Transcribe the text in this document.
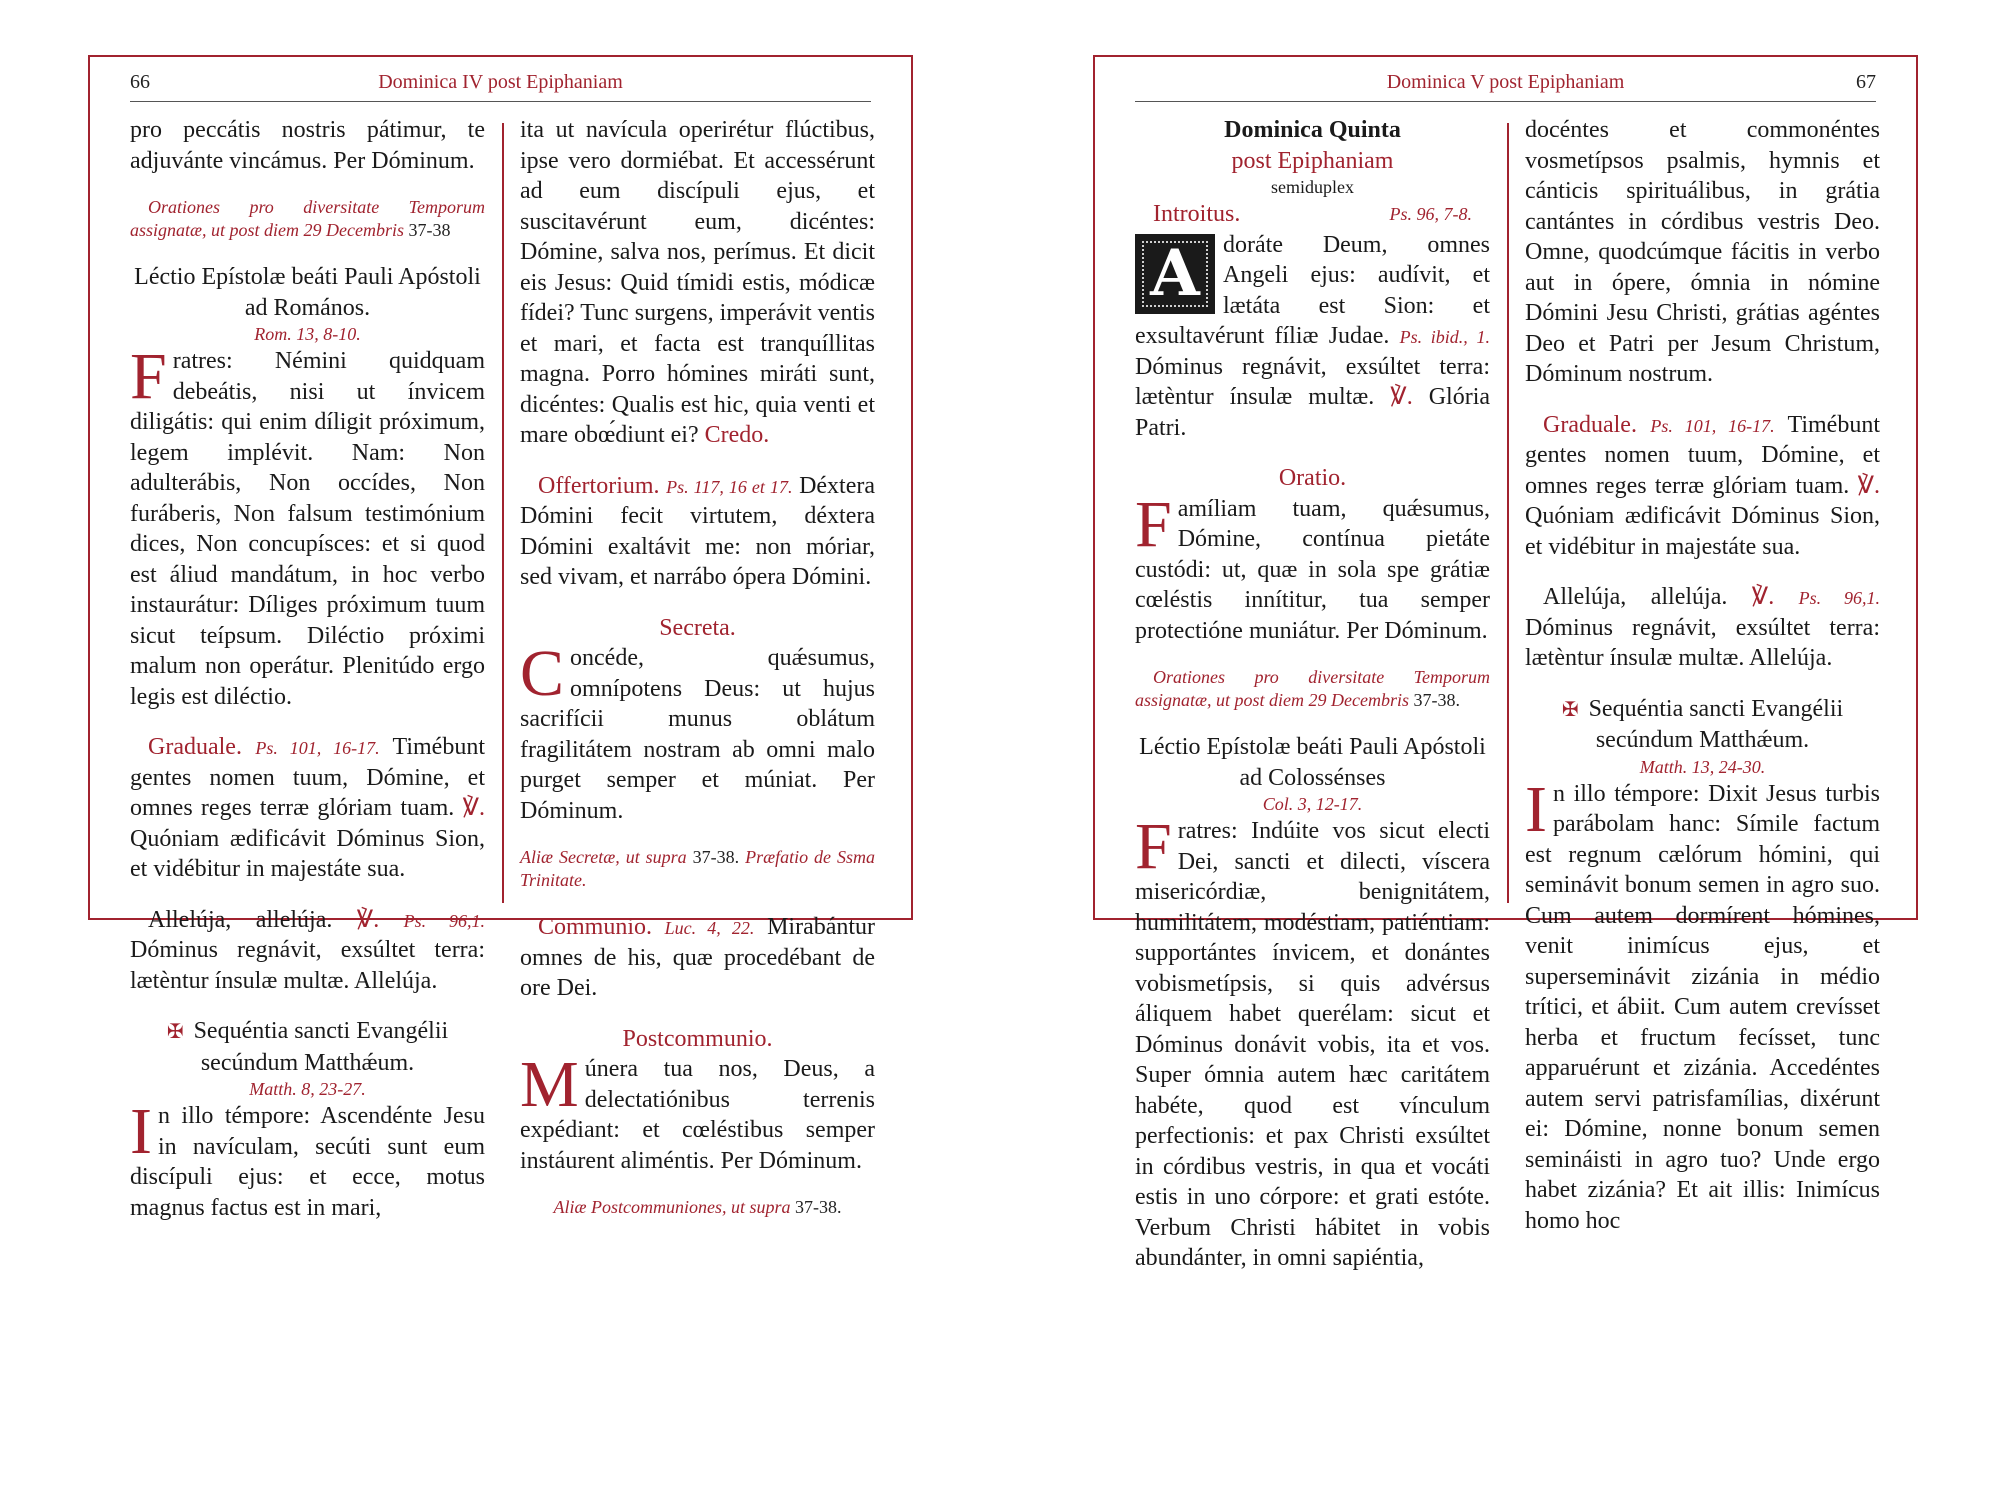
66	Dominica IV post Epiphaniam

pro peccátis nostris pátimur, te adjuvánte vincámus. Per Dóminum.

Orationes pro diversitate Temporum assignatæ, ut post diem 29 Decembris 37-38

Léctio Epístolæ beáti Pauli Apóstoli ad Romános.

Rom. 13, 8-10.

Fratres: Némini quidquam debeátis, nisi ut ínvicem diligátis: qui enim díligit próximum, legem implévit. Nam: Non adulterábis, Non occídes, Non furáberis, Non falsum testimónium dices, Non concupísces: et si quod est áliud mandátum, in hoc verbo instaurátur: Díliges próximum tuum sicut teípsum. Diléctio próximi malum non operátur. Plenitúdo ergo legis est diléctio.

Graduale. Ps. 101, 16-17. Timébunt gentes nomen tuum, Dómine, et omnes reges terræ glóriam tuam. ℣. Quóniam ædificávit Dóminus Sion, et vidébitur in majestáte sua.

Allelúja, allelúja. ℣. Ps. 96,1. Dóminus regnávit, exsúltet terra: lætèntur ínsulæ multæ. Allelúja.

✠ Sequéntia sancti Evangélii secúndum Matthǽum.

Matth. 8, 23-27.

In illo témpore: Ascendénte Jesu in navículam, secúti sunt eum discípuli ejus: et ecce, motus magnus factus est in mari,

ita ut navícula operirétur flúctibus, ipse vero dormiébat. Et accessérunt ad eum discípuli ejus, et suscitavérunt eum, dicéntes: Dómine, salva nos, perímus. Et dicit eis Jesus: Quid tímidi estis, módicæ fídei? Tunc surgens, imperávit ventis et mari, et facta est tranquíllitas magna. Porro hómines miráti sunt, dicéntes: Qualis est hic, quia venti et mare obœ́diunt ei? Credo.

Offertorium. Ps. 117, 16 et 17. Déxtera Dómini fecit virtutem, déxtera Dómini exaltávit me: non móriar, sed vivam, et narrábo ópera Dómini.

Secreta.

Concéde, quǽsumus, omnípotens Deus: ut hujus sacrifícii munus oblátum fragilitátem nostram ab omni malo purget semper et múniat. Per Dóminum.

Aliæ Secretæ, ut supra 37-38. Præfatio de Ssma Trinitate.

Communio. Luc. 4, 22. Mirabántur omnes de his, quæ procedébant de ore Dei.

Postcommunio.

Múnera tua nos, Deus, a delectatiónibus terrenis expédiant: et cœléstibus semper instáurent aliméntis. Per Dóminum.

Aliæ Postcommuniones, ut supra 37-38.

Dominica V post Epiphaniam	67

Dominica Quinta

post Epiphaniam

semiduplex

Introitus.	Ps. 96, 7-8.

A doráte Deum, omnes Angeli ejus: audívit, et lætáta est Sion: et exsultavérunt fíliæ Judae. Ps. ibid., 1. Dóminus regnávit, exsúltet terra: lætèntur ínsulæ multæ. ℣. Glória Patri.

Oratio.

Famíliam tuam, quǽsumus, Dómine, contínua pietáte custódi: ut, quæ in sola spe grátiæ cœléstis innítitur, tua semper protectióne muniátur. Per Dóminum.

Orationes pro diversitate Temporum assignatæ, ut post diem 29 Decembris 37-38.

Léctio Epístolæ beáti Pauli Apóstoli ad Colossénses

Col. 3, 12-17.

Fratres: Indúite vos sicut electi Dei, sancti et dilecti, víscera misericórdiæ, benignitátem, humilitátem, modéstiam, patiéntiam: supportántes ínvicem, et donántes vobismetípsis, si quis advérsus áliquem habet querélam: sicut et Dóminus donávit vobis, ita et vos. Super ómnia autem hæc caritátem habéte, quod est vínculum perfectionis: et pax Christi exsúltet in córdibus vestris, in qua et vocáti estis in uno córpore: et grati estóte. Verbum Christi hábitet in vobis abundánter, in omni sapiéntia,

docéntes et commonéntes vosmetípsos psalmis, hymnis et cánticis spirituálibus, in grátia cantántes in córdibus vestris Deo. Omne, quodcúmque fácitis in verbo aut in ópere, ómnia in nómine Dómini Jesu Christi, grátias agéntes Deo et Patri per Jesum Christum, Dóminum nostrum.

Graduale. Ps. 101, 16-17. Timébunt gentes nomen tuum, Dómine, et omnes reges terræ glóriam tuam. ℣. Quóniam ædificávit Dóminus Sion, et vidébitur in majestáte sua.

Allelúja, allelúja. ℣. Ps. 96,1. Dóminus regnávit, exsúltet terra: lætèntur ínsulæ multæ. Allelúja.

✠ Sequéntia sancti Evangélii secúndum Matthǽum.

Matth. 13, 24-30.

In illo témpore: Dixit Jesus turbis parábolam hanc: Símile factum est regnum cælórum hómini, qui seminávit bonum semen in agro suo. Cum autem dormírent hómines, venit inimícus ejus, et superseminávit zizánia in médio trítici, et ábiit. Cum autem crevísset herba et fructum fecísset, tunc apparuérunt et zizánia. Accedéntes autem servi patrisfamílias, dixérunt ei: Dómine, nonne bonum semen semináisti in agro tuo? Unde ergo habet zizánia? Et ait illis: Inimícus homo hoc
